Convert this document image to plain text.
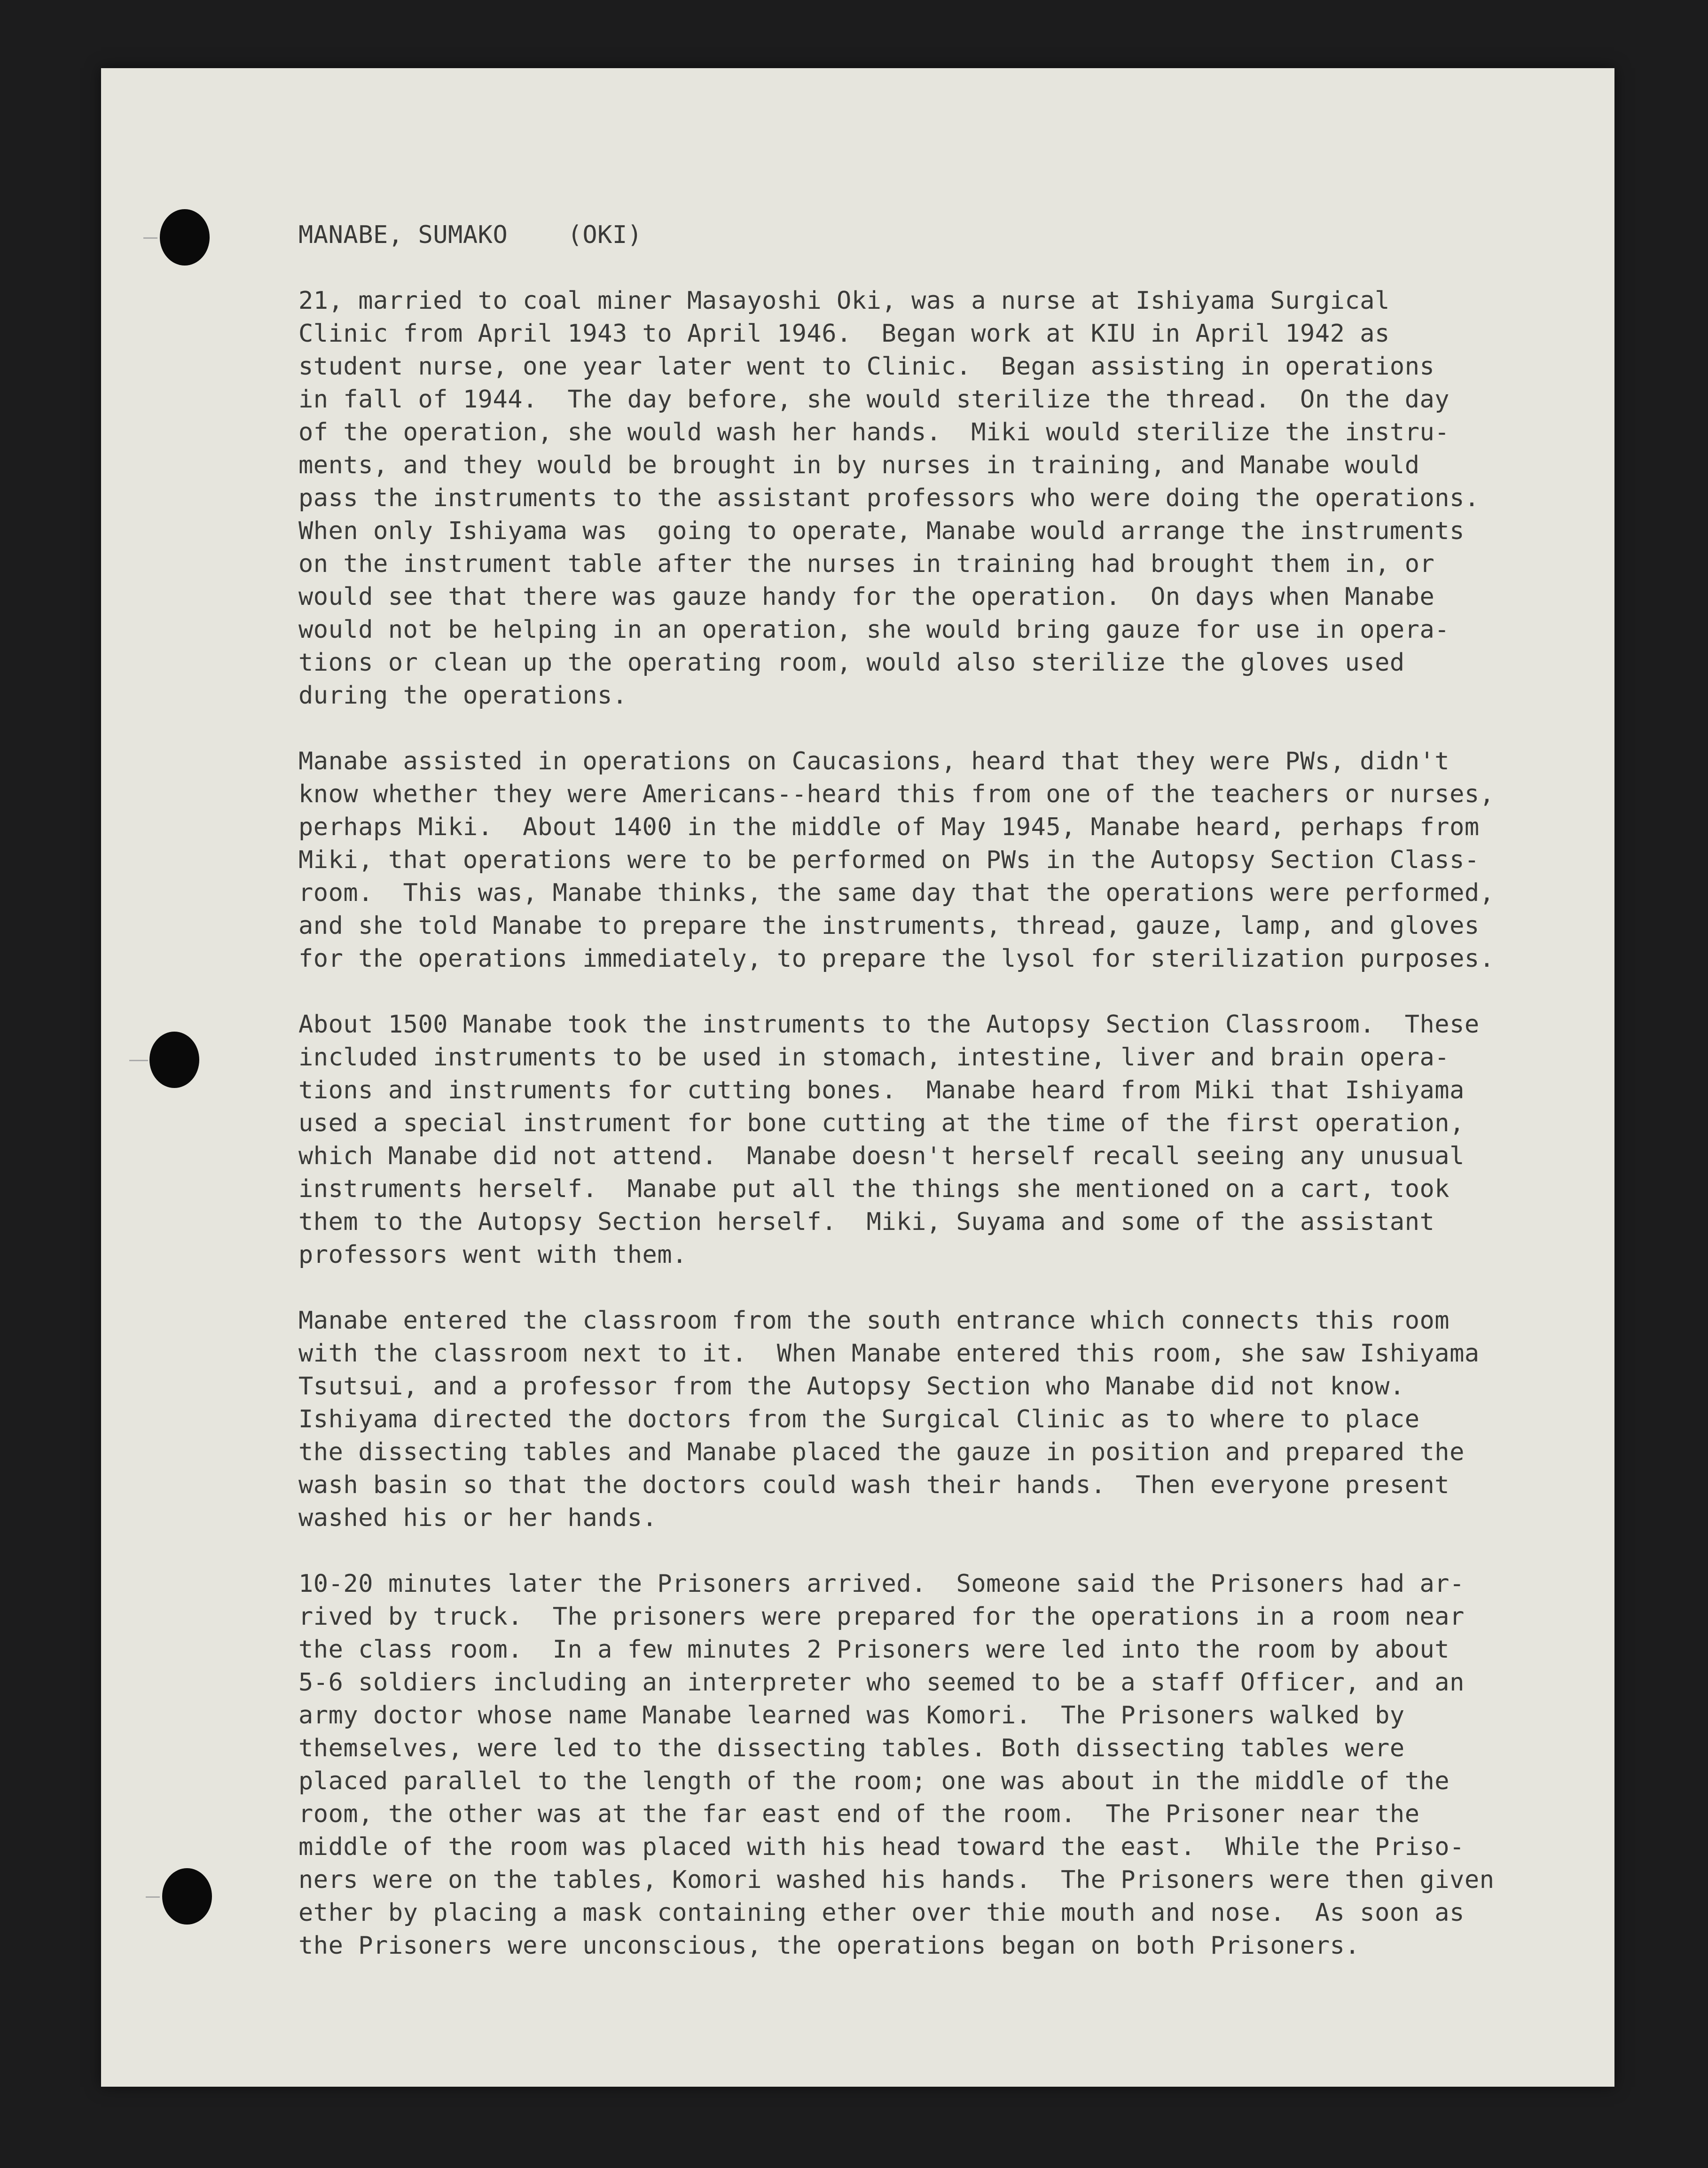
MANABE, SUMAKO    (OKI)
21, married to coal miner Masayoshi Oki, was a nurse at Ishiyama Surgical
Clinic from April 1943 to April 1946.  Began work at KIU in April 1942 as
student nurse, one year later went to Clinic.  Began assisting in operations
in fall of 1944.  The day before, she would sterilize the thread.  On the day
of the operation, she would wash her hands.  Miki would sterilize the instru-
ments, and they would be brought in by nurses in training, and Manabe would
pass the instruments to the assistant professors who were doing the operations.
When only Ishiyama was  going to operate, Manabe would arrange the instruments
on the instrument table after the nurses in training had brought them in, or
would see that there was gauze handy for the operation.  On days when Manabe
would not be helping in an operation, she would bring gauze for use in opera-
tions or clean up the operating room, would also sterilize the gloves used
during the operations.
Manabe assisted in operations on Caucasions, heard that they were PWs, didn't
know whether they were Americans--heard this from one of the teachers or nurses,
perhaps Miki.  About 1400 in the middle of May 1945, Manabe heard, perhaps from
Miki, that operations were to be performed on PWs in the Autopsy Section Class-
room.  This was, Manabe thinks, the same day that the operations were performed,
and she told Manabe to prepare the instruments, thread, gauze, lamp, and gloves
for the operations immediately, to prepare the lysol for sterilization purposes.
About 1500 Manabe took the instruments to the Autopsy Section Classroom.  These
included instruments to be used in stomach, intestine, liver and brain opera-
tions and instruments for cutting bones.  Manabe heard from Miki that Ishiyama
used a special instrument for bone cutting at the time of the first operation,
which Manabe did not attend.  Manabe doesn't herself recall seeing any unusual
instruments herself.  Manabe put all the things she mentioned on a cart, took
them to the Autopsy Section herself.  Miki, Suyama and some of the assistant
professors went with them.
Manabe entered the classroom from the south entrance which connects this room
with the classroom next to it.  When Manabe entered this room, she saw Ishiyama
Tsutsui, and a professor from the Autopsy Section who Manabe did not know.
Ishiyama directed the doctors from the Surgical Clinic as to where to place
the dissecting tables and Manabe placed the gauze in position and prepared the
wash basin so that the doctors could wash their hands.  Then everyone present
washed his or her hands.
10-20 minutes later the Prisoners arrived.  Someone said the Prisoners had ar-
rived by truck.  The prisoners were prepared for the operations in a room near
the class room.  In a few minutes 2 Prisoners were led into the room by about
5-6 soldiers including an interpreter who seemed to be a staff Officer, and an
army doctor whose name Manabe learned was Komori.  The Prisoners walked by
themselves, were led to the dissecting tables. Both dissecting tables were
placed parallel to the length of the room; one was about in the middle of the
room, the other was at the far east end of the room.  The Prisoner near the
middle of the room was placed with his head toward the east.  While the Priso-
ners were on the tables, Komori washed his hands.  The Prisoners were then given
ether by placing a mask containing ether over thie mouth and nose.  As soon as
the Prisoners were unconscious, the operations began on both Prisoners.
